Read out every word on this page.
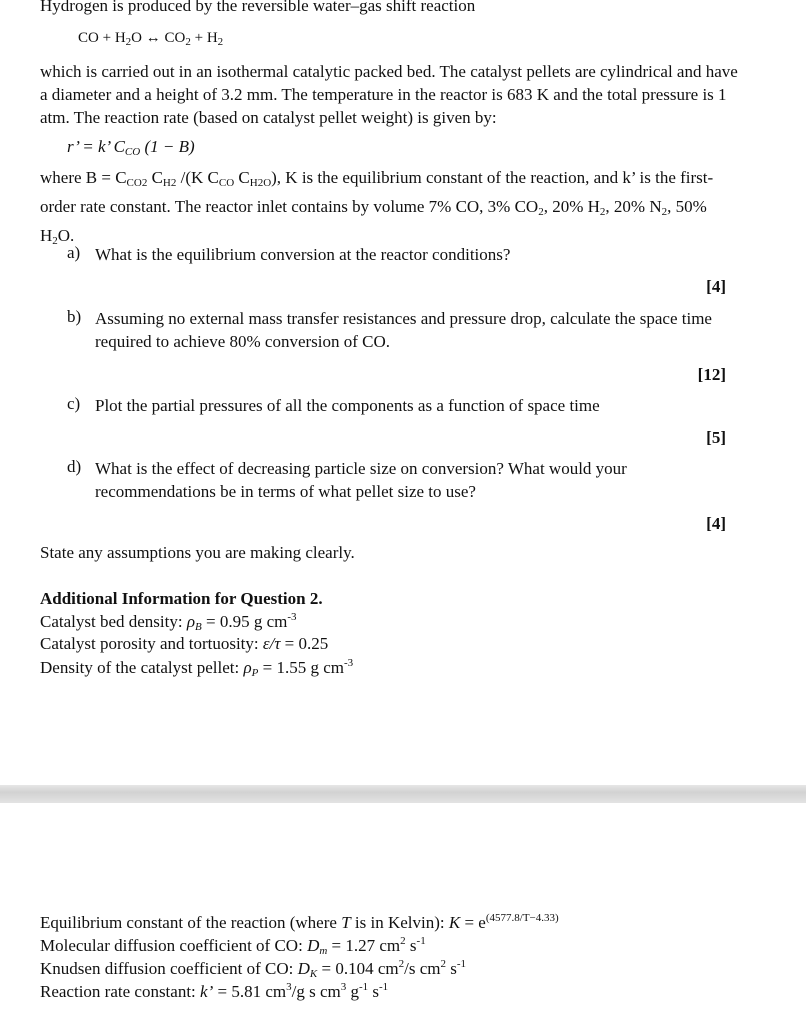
Hydrogen is produced by the reversible water–gas shift reaction
CO + $H_2O$ ↔ $CO_2 + H_2$
which is carried out in an isothermal catalytic packed bed. The catalyst pellets are cylindrical and have a diameter and a height of 3.2 mm. The temperature in the reactor is 683 K and the total pressure is 1 atm. The reaction rate (based on catalyst pellet weight) is given by:
r’ = k’ $C_{CO}$ (1 − B)
where $B = C_{CO2}$ $C_{H2}$ /(K $C_{CO}$ $C_{H2O}$), K is the equilibrium constant of the reaction, and k’ is the first-order rate constant. The reactor inlet contains by volume 7% CO, 3% $CO_2$, 20% $H_2$, 20% $N_2$, 50% $H_2O$.
a) What is the equilibrium conversion at the reactor conditions?
[4]
b) Assuming no external mass transfer resistances and pressure drop, calculate the space time required to achieve 80% conversion of CO.
[12]
c) Plot the partial pressures of all the components as a function of space time
[5]
d) What is the effect of decreasing particle size on conversion? What would your recommendations be in terms of what pellet size to use?
[4]
State any assumptions you are making clearly.
Additional Information for Question 2.
Catalyst bed density: $\rho_B = 0.95$ g $cm^{-3}$
Catalyst porosity and tortuosity: ε/τ = 0.25
Density of the catalyst pellet: $\rho_P = 1.55$ g $cm^{-3}$
Equilibrium constant of the reaction (where T is in Kelvin): $K = e^{(4577.8/T-4.33)}$
Molecular diffusion coefficient of CO: $D_m = 1.27$ $cm^2$ $s^{-1}$
Knudsen diffusion coefficient of CO: $D_K = 0.104$ $cm^2/s$ $cm^2$ $s^{-1}$
Reaction rate constant: k’ = 5.81 $cm^3/g$ s $cm^3$ $g^{-1}$ $s^{-1}$
